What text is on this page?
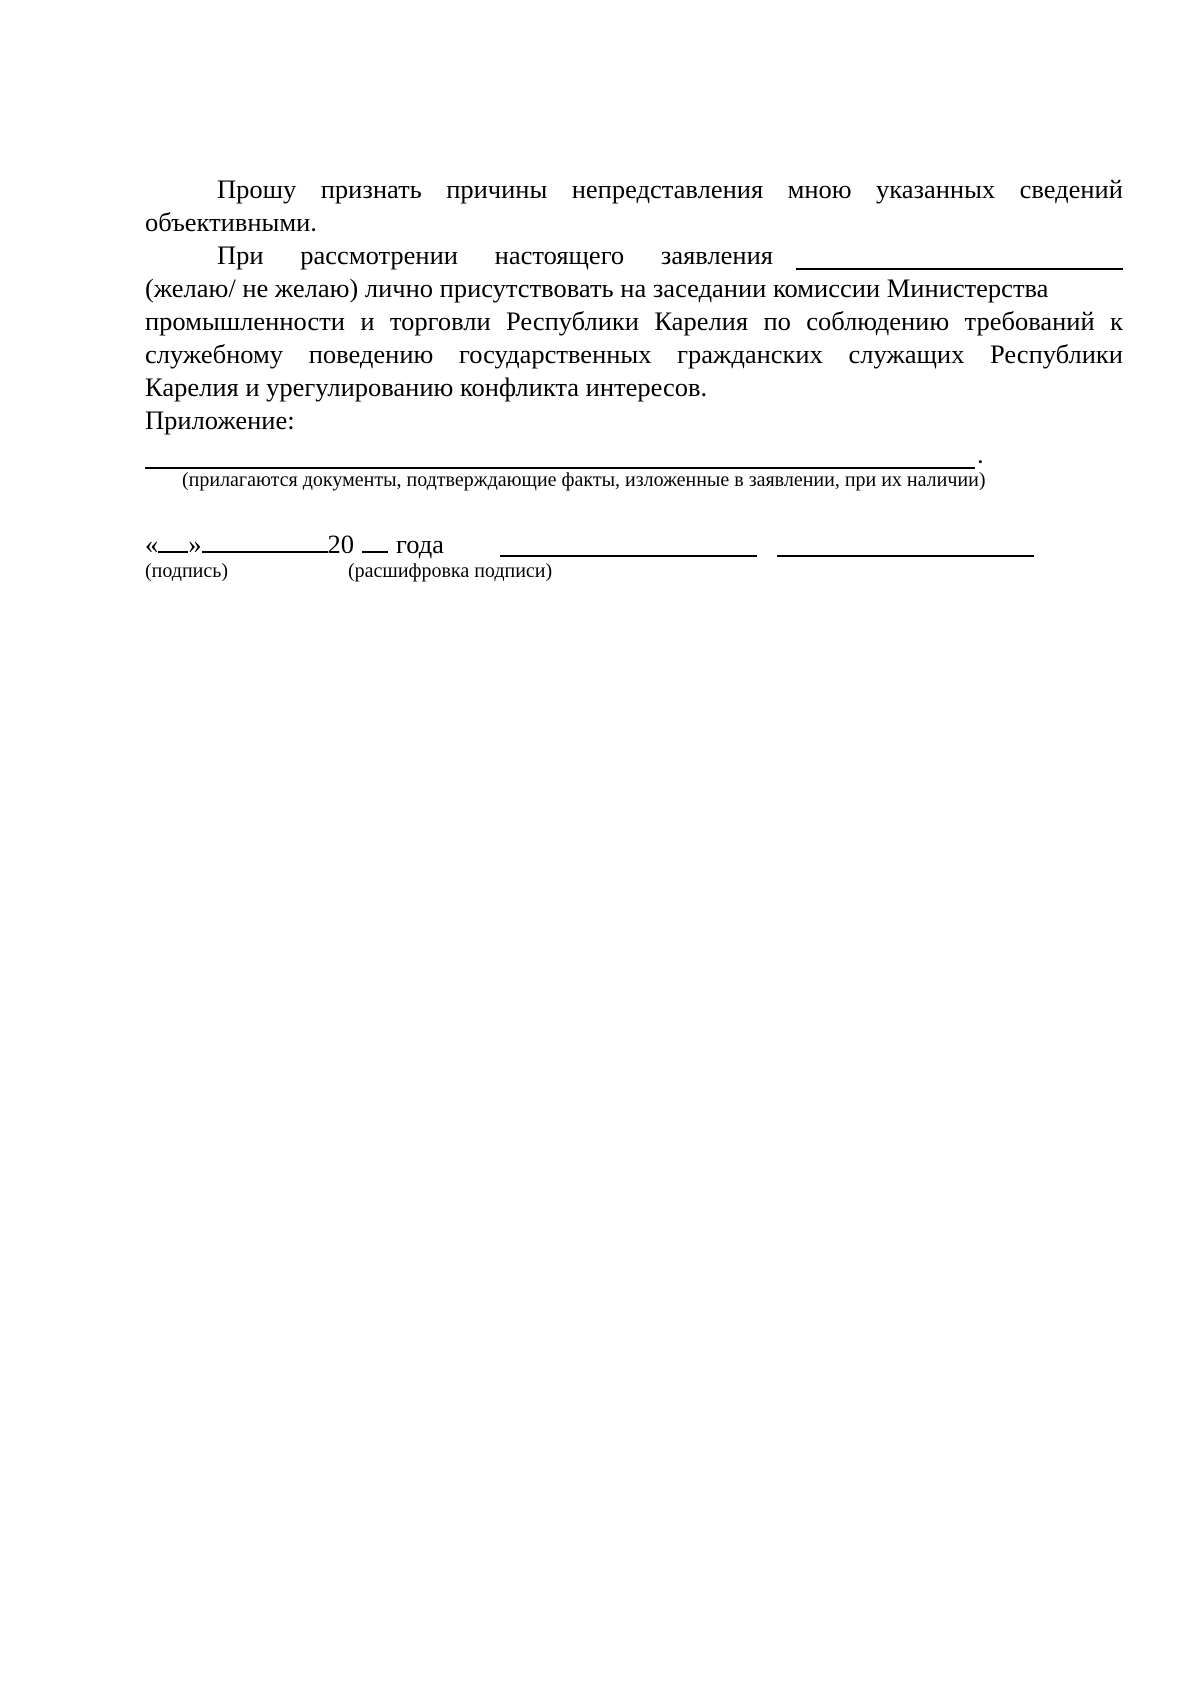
Прошу признать причины непредставления мною указанных сведений
объективными.
При рассмотрении настоящего заявления
(желаю/ не желаю) лично присутствовать на заседании комиссии Министерства
промышленности и торговли Республики Карелия по соблюдению требований к
служебному поведению государственных гражданских служащих Республики
Карелия и урегулированию конфликта интересов.
Приложение:
.
(прилагаются документы, подтверждающие факты, изложенные в заявлении, при их наличии)
« »	20 года
(подпись)	(расшифровка подписи)
